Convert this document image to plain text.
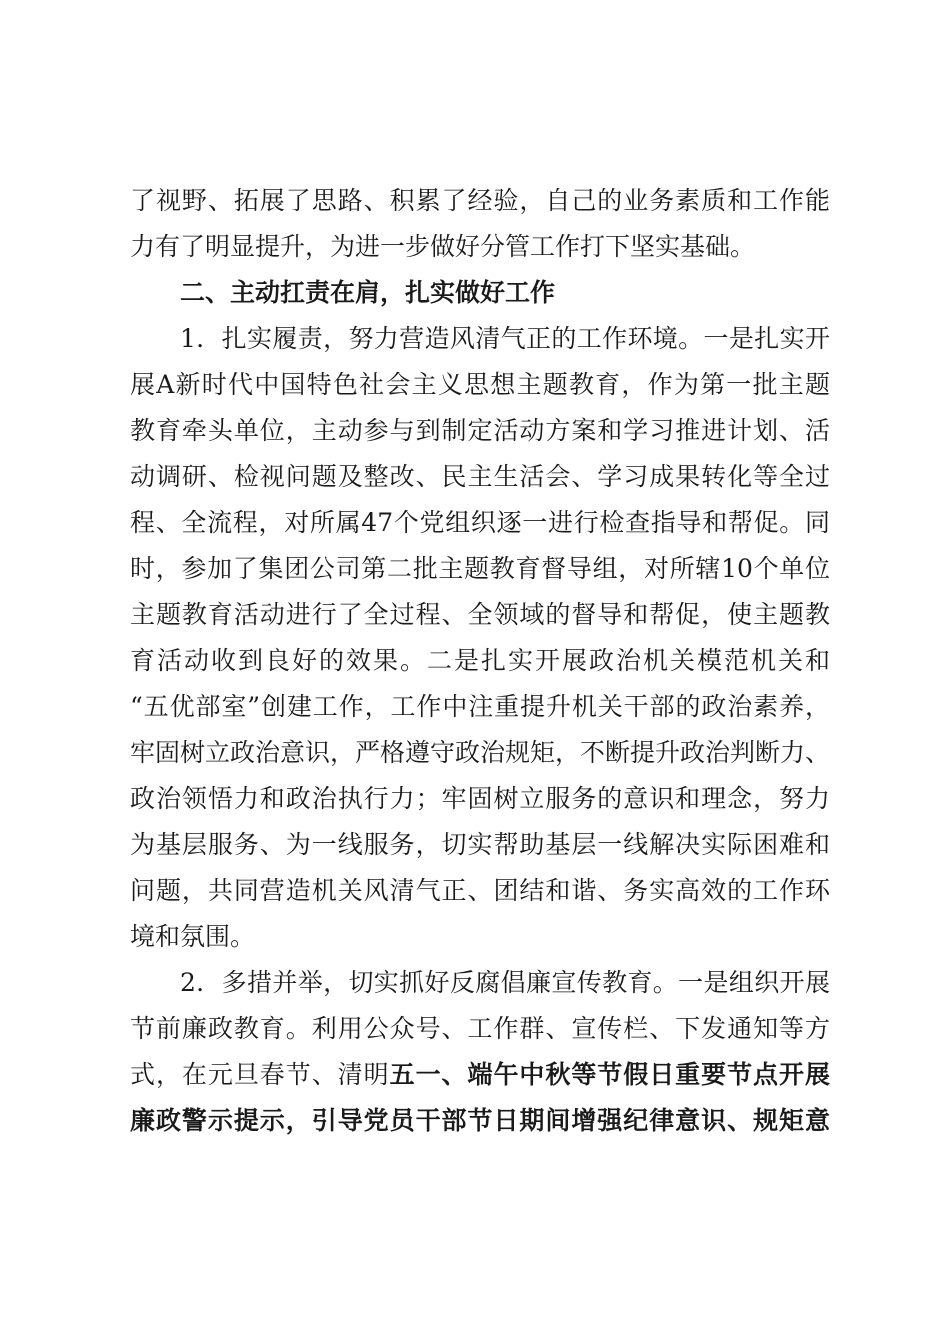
了视野、拓展了思路、积累了经验，自己的业务素质和工作能
力有了明显提升，为进一步做好分管工作打下坚实基础。
二、主动扛责在肩，扎实做好工作
1．扎实履责，努力营造风清气正的工作环境。一是扎实开
展A新时代中国特色社会主义思想主题教育，作为第一批主题
教育牵头单位，主动参与到制定活动方案和学习推进计划、活
动调研、检视问题及整改、民主生活会、学习成果转化等全过
程、全流程，对所属47个党组织逐一进行检查指导和帮促。同
时，参加了集团公司第二批主题教育督导组，对所辖10个单位
主题教育活动进行了全过程、全领域的督导和帮促，使主题教
育活动收到良好的效果。二是扎实开展政治机关模范机关和
“五优部室”创建工作，工作中注重提升机关干部的政治素养，
牢固树立政治意识，严格遵守政治规矩，不断提升政治判断力、
政治领悟力和政治执行力；牢固树立服务的意识和理念，努力
为基层服务、为一线服务，切实帮助基层一线解决实际困难和
问题，共同营造机关风清气正、团结和谐、务实高效的工作环
境和氛围。
2．多措并举，切实抓好反腐倡廉宣传教育。一是组织开展
节前廉政教育。利用公众号、工作群、宣传栏、下发通知等方
式，在元旦春节、清明五一、端午中秋等节假日重要节点开展
廉政警示提示，引导党员干部节日期间增强纪律意识、规矩意
